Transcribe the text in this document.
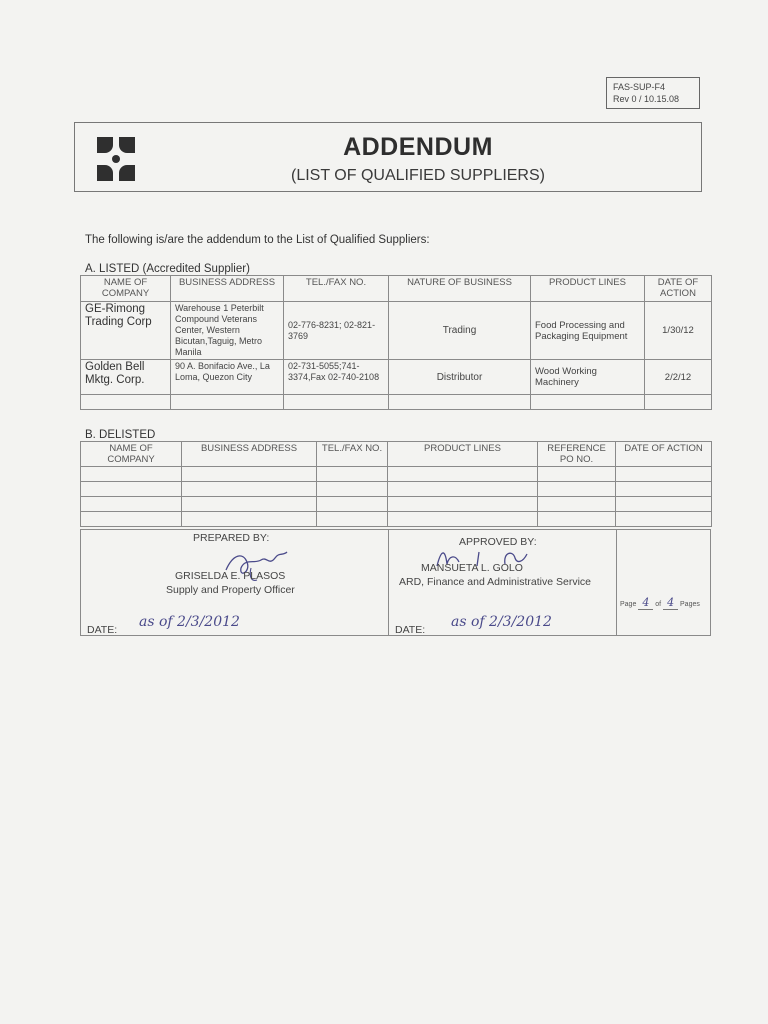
FAS-SUP-F4
Rev 0 / 10.15.08
ADDENDUM
(LIST OF QUALIFIED SUPPLIERS)
The following is/are the addendum to the List of Qualified Suppliers:
A. LISTED (Accredited Supplier)
NAME OF COMPANY	BUSINESS ADDRESS	TEL./FAX NO.	NATURE OF BUSINESS	PRODUCT LINES	DATE OF ACTION
GE-Rimong Trading Corp	Warehouse 1 Peterbilt Compound Veterans Center, Western Bicutan,Taguig, Metro Manila	02-776-8231; 02-821-3769	Trading	Food Processing and Packaging Equipment	1/30/12
Golden Bell Mktg. Corp.	90 A. Bonifacio Ave., La Loma, Quezon City	02-731-5055;741-3374,Fax 02-740-2108	Distributor	Wood Working Machinery	2/2/12

B. DELISTED
NAME OF COMPANY	BUSINESS ADDRESS	TEL./FAX NO.	PRODUCT LINES	REFERENCE PO NO.	DATE OF ACTION

PREPARED BY:
GRISELDA E. PLASOS
Supply and Property Officer
DATE: as of 2/3/2012
APPROVED BY:
MANSUETA L. GOLO
ARD, Finance and Administrative Service
DATE: as of 2/3/2012
Page 4 of 4 Pages
